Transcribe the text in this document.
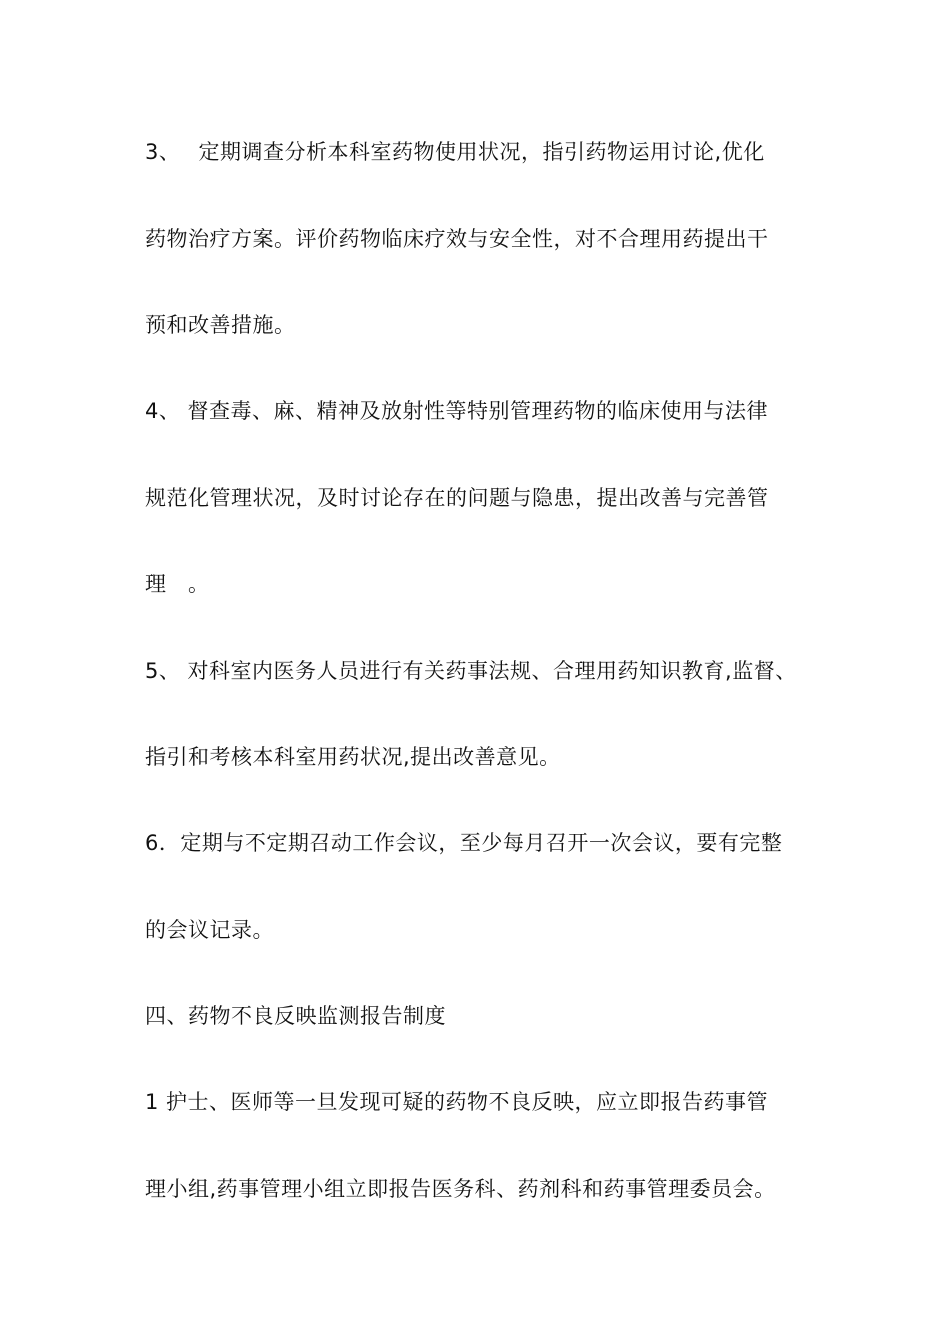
3、　 定期调查分析本科室药物使用状况，指引药物运用讨论,优化
药物治疗方案。评价药物临床疗效与安全性，对不合理用药提出干
预和改善措施。
4、 督查毒、麻、精神及放射性等特别管理药物的临床使用与法律
规范化管理状况，及时讨论存在的问题与隐患，提出改善与完善管
理　。
5、 对科室内医务人员进行有关药事法规、合理用药知识教育,监督、
指引和考核本科室用药状况,提出改善意见。
6．定期与不定期召动工作会议，至少每月召开一次会议，要有完整
的会议记录。
四、药物不良反映监测报告制度
1 护士、医师等一旦发现可疑的药物不良反映，应立即报告药事管
理小组,药事管理小组立即报告医务科、药剂科和药事管理委员会。
